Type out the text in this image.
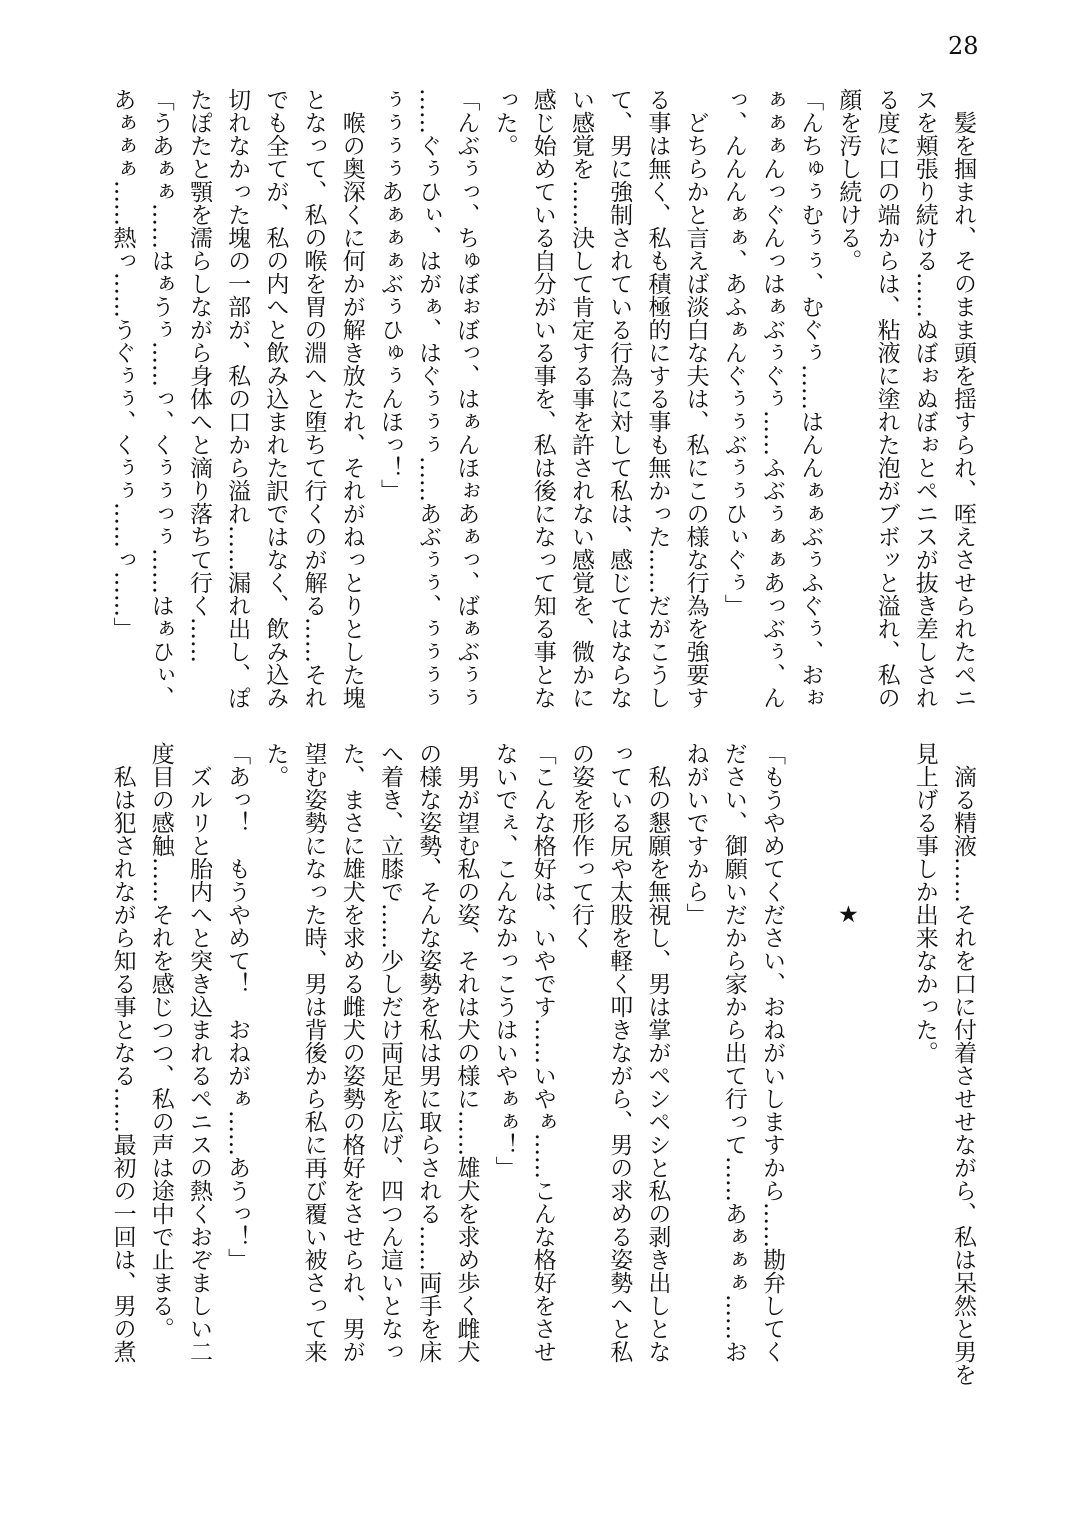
28
　髪を掴まれ、そのまま頭を揺すられ、咥えさせられたペニ
スを頬張り続ける……ぬぼぉぬぼぉとペニスが抜き差しされ
る度に口の端からは、粘液に塗れた泡がブボッと溢れ、私の
顔を汚し続ける。
「んちゅぅむぅぅ、むぐぅ……はんんぁぁぶぅふぐぅ、おぉ
ぁぁぁんっぐんっはぁぶぅぐぅ……ふぶぅぁぁあっぶぅ、ん
っ、んんんぁぁ、あふぁんぐぅぅぶぅぅひぃぐぅ」
　どちらかと言えば淡白な夫は、私にこの様な行為を強要す
る事は無く、私も積極的にする事も無かった……だがこうし
て、男に強制されている行為に対して私は、感じてはならな
い感覚を……決して肯定する事を許されない感覚を、微かに
感じ始めている自分がいる事を、私は後になって知る事とな
った。
「んぶぅっ、ちゅぼぉぼっ、はぁんほぉあぁっ、ばぁぶぅぅ
……ぐぅひぃ、はがぁ、はぐぅぅぅ……あぶぅぅ、ぅぅぅぅ
ぅぅぅぅあぁぁぁぶぅひゅぅんほっ！」
　喉の奥深くに何かが解き放たれ、それがねっとりとした塊
となって、私の喉を胃の淵へと堕ちて行くのが解る……それ
でも全てが、私の内へと飲み込まれた訳ではなく、飲み込み
切れなかった塊の一部が、私の口から溢れ……漏れ出し、ぽ
たぽたと顎を濡らしながら身体へと滴り落ちて行く……
「うあぁぁ……はぁうぅ……っ、くぅぅっぅ……はぁひぃ、
あぁぁぁ……熱っ……うぐぅぅ、くぅぅ……っ……」
　滴る精液……それを口に付着させせながら、私は呆然と男を
見上げる事しか出来なかった。
★
「もうやめてください、おねがいしますから……勘弁してく
ださい、御願いだから家から出て行って……あぁぁぁ……お
ねがいですから」
　私の懇願を無視し、男は掌がペシペシと私の剥き出しとな
っている尻や太股を軽く叩きながら、男の求める姿勢へと私
の姿を形作って行く
「こんな格好は、いやです……いやぁ……こんな格好をさせ
ないでぇ、こんなかっこうはいやぁぁ！」
　男が望む私の姿、それは犬の様に……雄犬を求め歩く雌犬
の様な姿勢、そんな姿勢を私は男に取らされる……両手を床
へ着き、立膝で……少しだけ両足を広げ、四つん這いとなっ
た、まさに雄犬を求める雌犬の姿勢の格好をさせられ、男が
望む姿勢になった時、男は背後から私に再び覆い被さって来
た。
「あっ！　もうやめて！　おねがぁ……あうっ！」
　ズルリと胎内へと突き込まれるペニスの熱くおぞましい二
度目の感触……それを感じつつ、私の声は途中で止まる。
　私は犯されながら知る事となる……最初の一回は、男の煮
